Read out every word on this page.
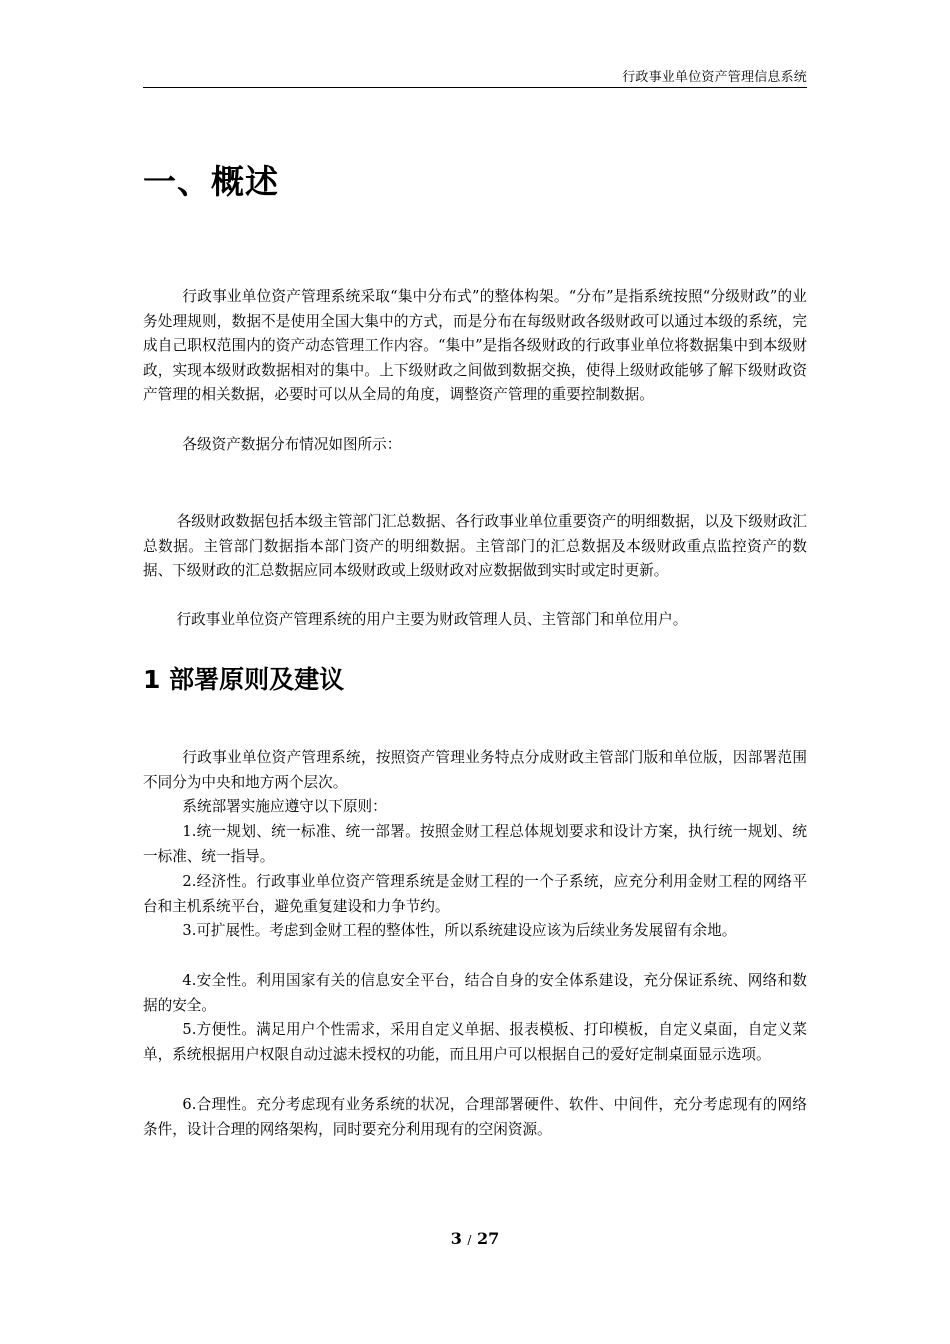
行政事业单位资产管理信息系统
一、概述
行政事业单位资产管理系统采取“集中分布式”的整体构架。“分布”是指系统按照“分级财政”的业务处理规则，数据不是使用全国大集中的方式，而是分布在每级财政各级财政可以通过本级的系统，完成自己职权范围内的资产动态管理工作内容。“集中”是指各级财政的行政事业单位将数据集中到本级财政，实现本级财政数据相对的集中。上下级财政之间做到数据交换，使得上级财政能够了解下级财政资产管理的相关数据，必要时可以从全局的角度，调整资产管理的重要控制数据。
各级资产数据分布情况如图所示：
各级财政数据包括本级主管部门汇总数据、各行政事业单位重要资产的明细数据，以及下级财政汇总数据。主管部门数据指本部门资产的明细数据。主管部门的汇总数据及本级财政重点监控资产的数据、下级财政的汇总数据应同本级财政或上级财政对应数据做到实时或定时更新。
行政事业单位资产管理系统的用户主要为财政管理人员、主管部门和单位用户。
1 部署原则及建议
行政事业单位资产管理系统，按照资产管理业务特点分成财政主管部门版和单位版，因部署范围不同分为中央和地方两个层次。
系统部署实施应遵守以下原则：
1.统一规划、统一标准、统一部署。按照金财工程总体规划要求和设计方案，执行统一规划、统一标准、统一指导。
2.经济性。行政事业单位资产管理系统是金财工程的一个子系统，应充分利用金财工程的网络平台和主机系统平台，避免重复建设和力争节约。
3.可扩展性。考虑到金财工程的整体性，所以系统建设应该为后续业务发展留有余地。
4.安全性。利用国家有关的信息安全平台，结合自身的安全体系建设，充分保证系统、网络和数据的安全。
5.方便性。满足用户个性需求，采用自定义单据、报表模板、打印模板，自定义桌面，自定义菜单，系统根据用户权限自动过滤未授权的功能，而且用户可以根据自己的爱好定制桌面显示选项。
6.合理性。充分考虑现有业务系统的状况，合理部署硬件、软件、中间件，充分考虑现有的网络条件，设计合理的网络架构，同时要充分利用现有的空闲资源。
3 / 27
